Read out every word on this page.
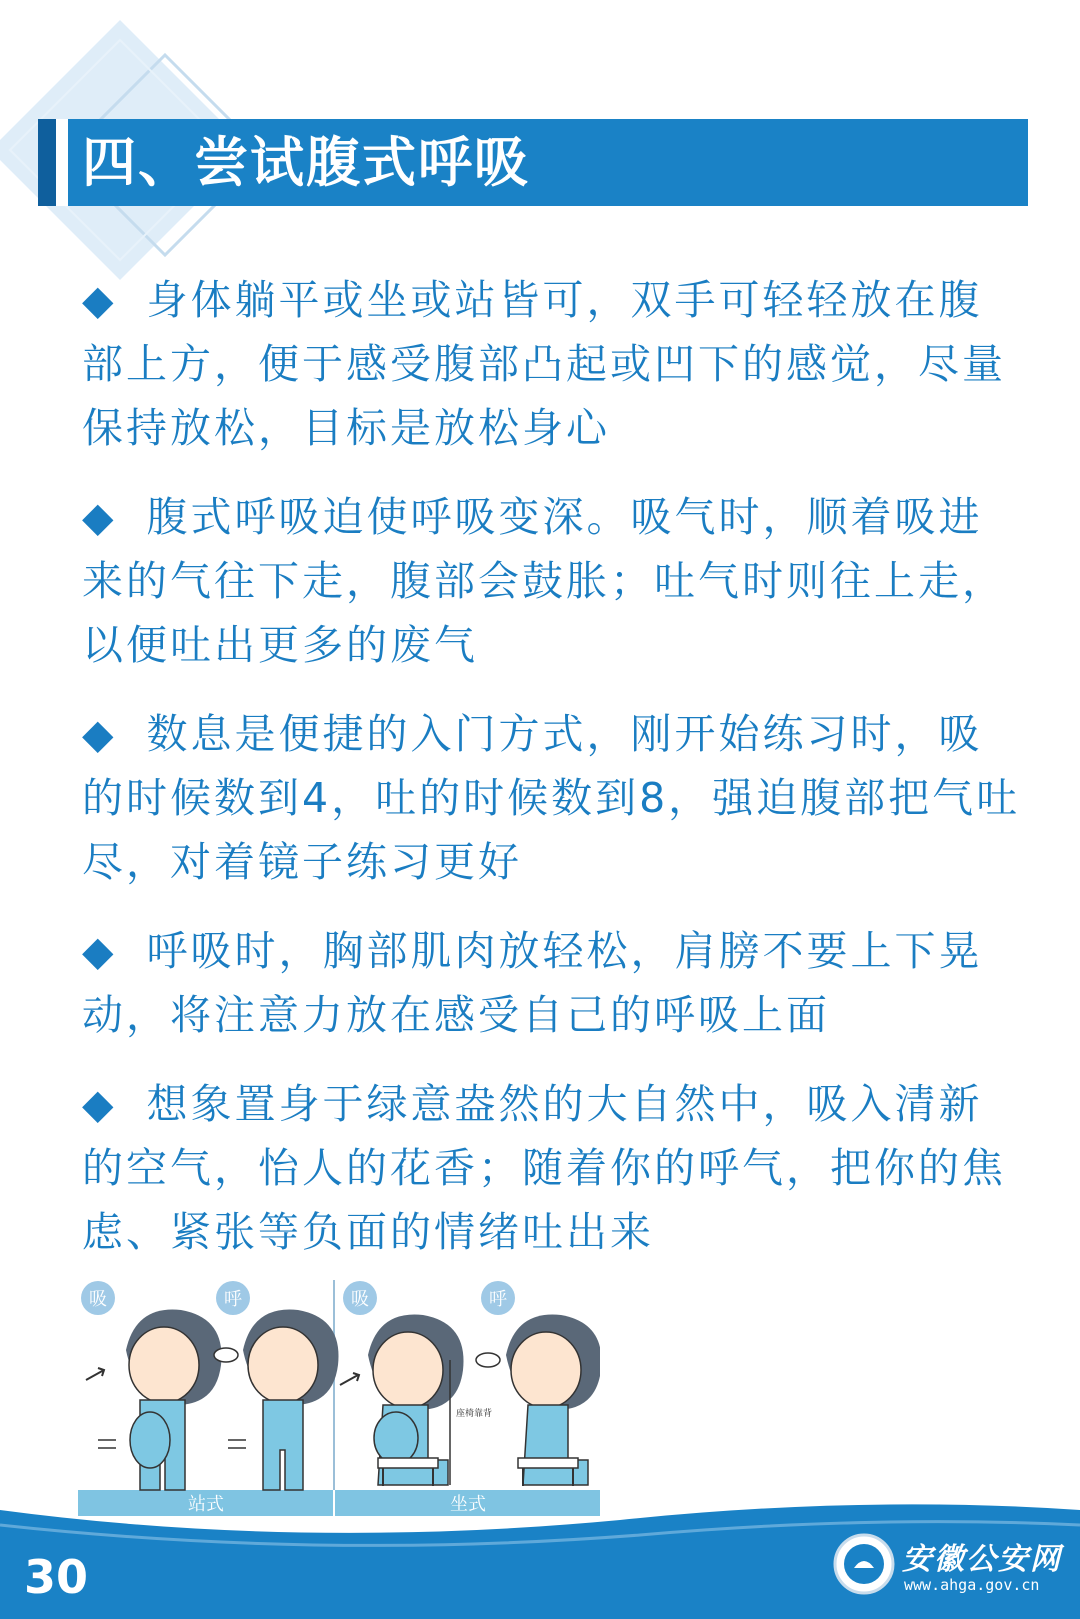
四、尝试腹式呼吸
◆ 身体躺平或坐或站皆可，双手可轻轻放在腹部上方，便于感受腹部凸起或凹下的感觉，尽量保持放松，目标是放松身心
◆ 腹式呼吸迫使呼吸变深。吸气时，顺着吸进来的气往下走，腹部会鼓胀；吐气时则往上走，以便吐出更多的废气
◆ 数息是便捷的入门方式，刚开始练习时，吸的时候数到4，吐的时候数到8，强迫腹部把气吐尽，对着镜子练习更好
◆ 呼吸时，胸部肌肉放轻松，肩膀不要上下晃动，将注意力放在感受自己的呼吸上面
◆ 想象置身于绿意盎然的大自然中，吸入清新的空气，怡人的花香；随着你的呼气，把你的焦虑、紧张等负面的情绪吐出来
吸	呼	吸
座椅靠背
呼
站式	坐式
30	安徽公安网
www.ahga.gov.cn
